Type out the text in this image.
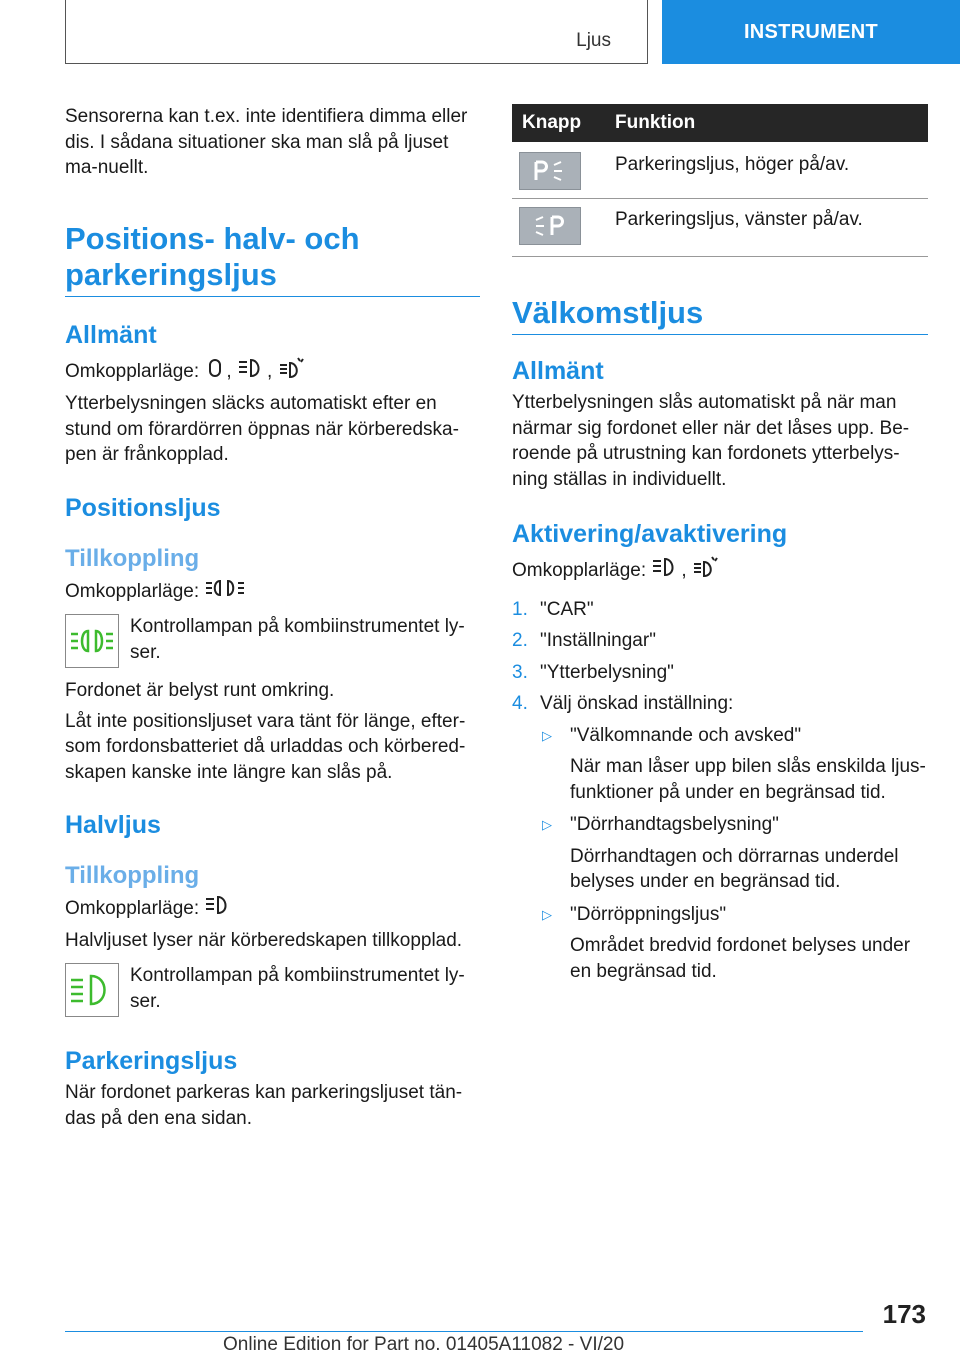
Ljus	INSTRUMENT

Sensorerna kan t.ex. inte identifiera dimma eller dis. I sådana situationer ska man slå på ljuset ma-nuellt.

Positions- halv- och

parkeringsljus

Allmänt

Omkopplarläge: , ,

Ytterbelysningen släcks automatiskt efter en stund om förardörren öppnas när körberedska-pen är frånkopplad.

Positionsljus

Tillkoppling

Omkopplarläge:

Kontrollampan på kombiinstrumentet ly-ser.

Fordonet är belyst runt omkring.

Låt inte positionsljuset vara tänt för länge, efter-som fordonsbatteriet då urladdas och körbered-skapen kanske inte längre kan slås på.

Halvljus

Tillkoppling

Omkopplarläge:

Halvljuset lyser när körberedskapen tillkopplad.

Kontrollampan på kombiinstrumentet ly-ser.

Parkeringsljus

När fordonet parkeras kan parkeringsljuset tän-das på den ena sidan.

Knapp	Funktion

Parkeringsljus, höger på/av.

Parkeringsljus, vänster på/av.

Välkomstljus

Allmänt

Ytterbelysningen slås automatiskt på när man närmar sig fordonet eller när det låses upp. Be-roende på utrustning kan fordonets ytterbelys-ning ställas in individuellt.

Aktivering/avaktivering

Omkopplarläge: ,

1. "CAR"

2. "Inställningar"

3. "Ytterbelysning"

4. Välj önskad inställning:

▷ "Välkomnande och avsked"

När man låser upp bilen slås enskilda ljus-funktioner på under en begränsad tid.

▷ "Dörrhandtagsbelysning"

Dörrhandtagen och dörrarnas underdel belyses under en begränsad tid.

▷ "Dörröppningsljus"

Området bredvid fordonet belyses under en begränsad tid.

173
Online Edition for Part no. 01405A11082 - VI/20
